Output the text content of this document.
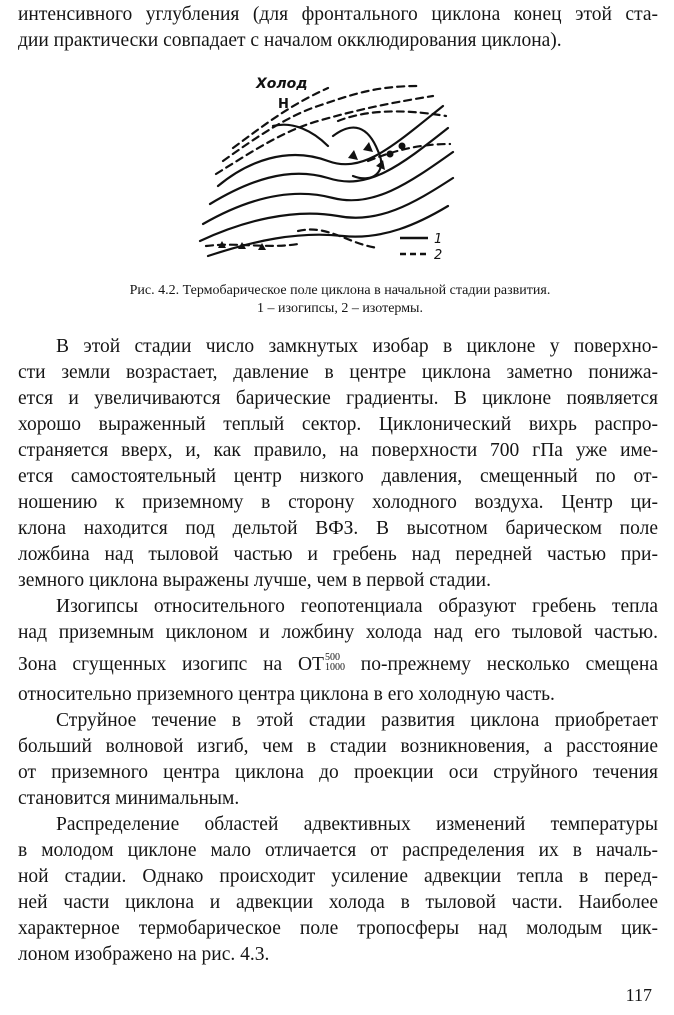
интенсивного углубления (для фронтального циклона конец этой ста-
дии практически совпадает с началом окклюдирования циклона).
Холод
Н
1
2
Рис. 4.2. Термобарическое поле циклона в начальной стадии развития.
1 – изогипсы, 2 – изотермы.
В этой стадии число замкнутых изобар в циклоне у поверхно-
сти земли возрастает, давление в центре циклона заметно понижа-
ется и увеличиваются барические градиенты. В циклоне появляется
хорошо выраженный теплый сектор. Циклонический вихрь распро-
страняется вверх, и, как правило, на поверхности 700 гПа уже име-
ется самостоятельный центр низкого давления, смещенный по от-
ношению к приземному в сторону холодного воздуха. Центр ци-
клона находится под дельтой ВФЗ. В высотном барическом поле
ложбина над тыловой частью и гребень над передней частью при-
земного циклона выражены лучше, чем в первой стадии.
Изогипсы относительного геопотенциала образуют гребень тепла
над приземным циклоном и ложбину холода над его тыловой частью.
Зона сгущенных изогипс на ОТ 500
1000 по-прежнему несколько смещена
относительно приземного центра циклона в его холодную часть.
Струйное течение в этой стадии развития циклона приобретает
больший волновой изгиб, чем в стадии возникновения, а расстояние
от приземного центра циклона до проекции оси струйного течения
становится минимальным.
Распределение областей адвективных изменений температуры
в молодом циклоне мало отличается от распределения их в началь-
ной стадии. Однако происходит усиление адвекции тепла в перед-
ней части циклона и адвекции холода в тыловой части. Наиболее
характерное термобарическое поле тропосферы над молодым цик-
лоном изображено на рис. 4.3.
117
